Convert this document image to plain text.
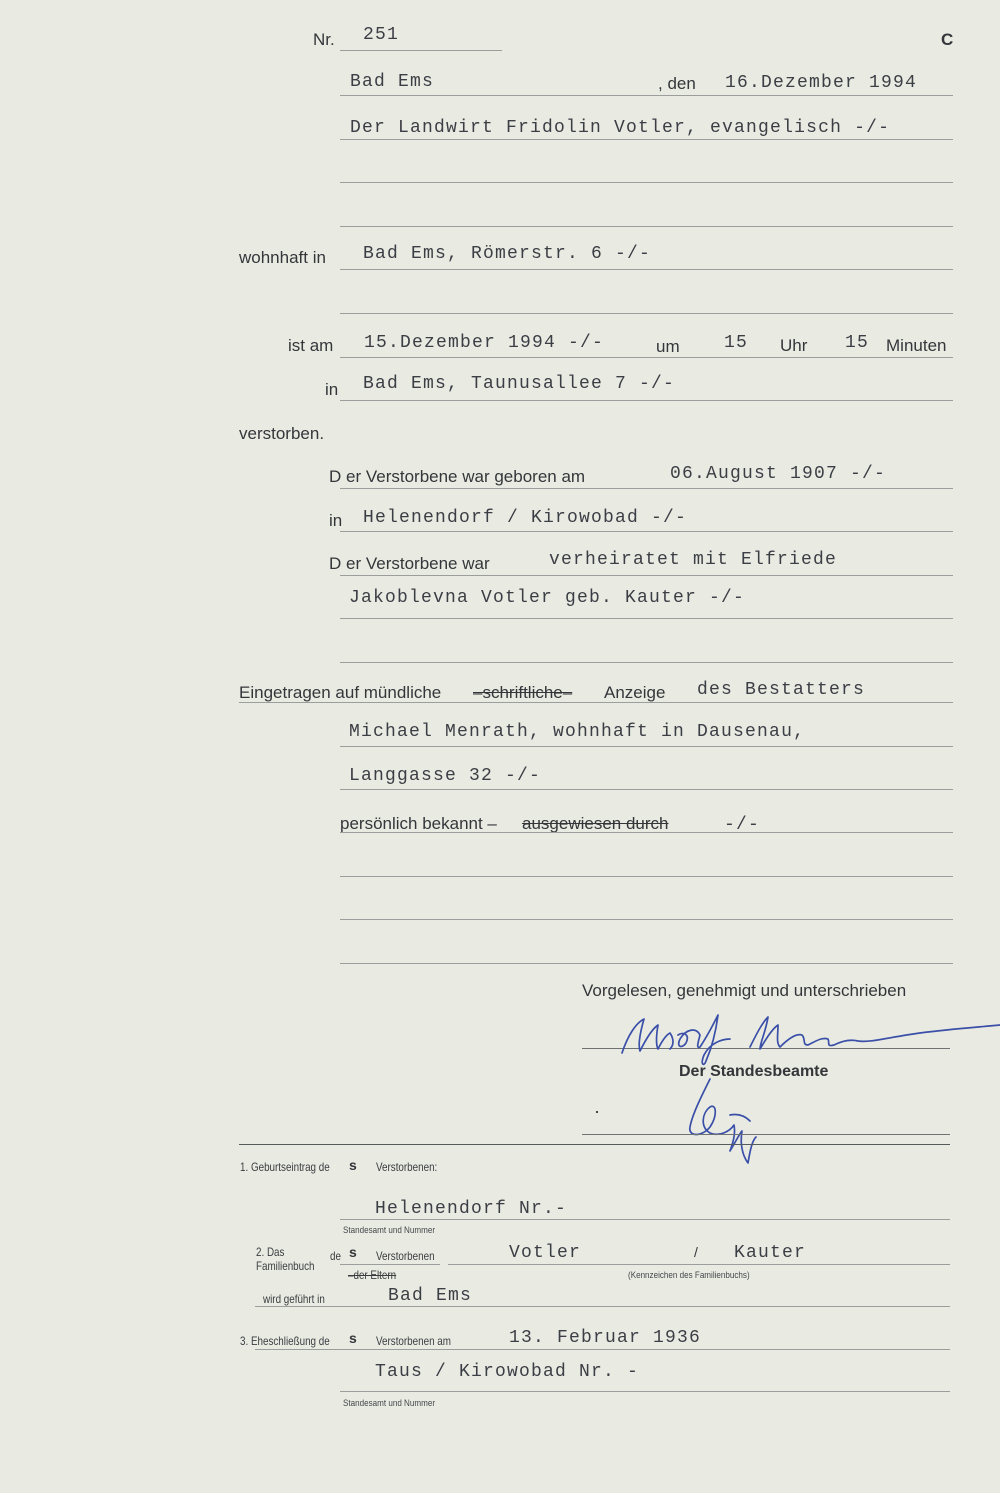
Nr. 251	C
Bad Ems	, den 16.Dezember 1994
Der Landwirt Fridolin Votler, evangelisch -/-
wohnhaft in Bad Ems, Römerstr. 6 -/-
ist am 15.Dezember 1994 -/-	um 15 Uhr 15 Minuten
in Bad Ems, Taunusallee 7 -/-
verstorben.
D er Verstorbene war geboren am	06.August 1907 -/-
in Helenendorf / Kirowobad -/-
D er Verstorbene war	verheiratet mit Elfriede
Jakoblevna Votler geb. Kauter -/-
Eingetragen auf mündliche –schriftliche– Anzeige des Bestatters
Michael Menrath, wohnhaft in Dausenau,
Langgasse 32 -/-
persönlich bekannt – ausgewiesen durch	-/-
Vorgelesen, genehmigt und unterschrieben
Der Standesbeamte
1. Geburtseintrag de s Verstorbenen:
Helenendorf Nr.-
Standesamt und Nummer
2. Das
Familienbuch
de s Verstorbenen
–der Eltern
Votler	/ Kauter
(Kennzeichen des Familienbuchs)
wird geführt in	Bad Ems
3. Eheschließung de s Verstorbenen am	13. Februar 1936
Taus / Kirowobad Nr. -
Standesamt und Nummer
